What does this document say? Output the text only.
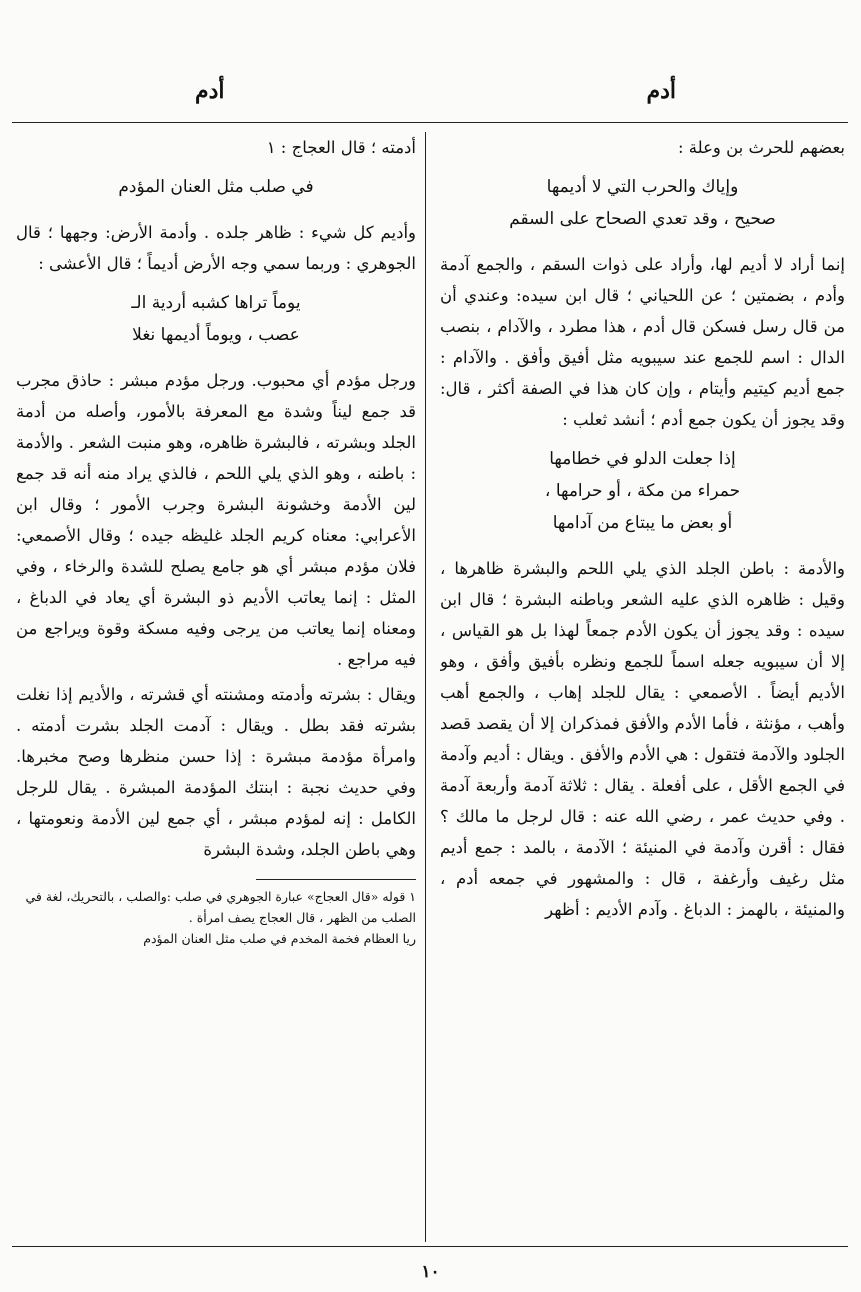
أدم
أدم

بعضهم للحرث بن وعلة :

وإياك والحرب التي لا أديمها
صحيح ، وقد تعدي الصحاح على السقم

إنما أراد لا أديم لها، وأراد على ذوات السقم ، والجمع آدمة وأدم ، بضمتين ؛ عن اللحياني ؛ قال ابن سيده: وعندي أن من قال رسل فسكن قال أدم ، هذا مطرد ، والآدام ، بنصب الدال : اسم للجمع عند سيبويه مثل أفيق وأفق . والآدام : جمع أديم كيتيم وأيتام ، وإن كان هذا في الصفة أكثر ، قال: وقد يجوز أن يكون جمع أدم ؛ أنشد ثعلب :

إذا جعلت الدلو في خطامها
حمراء من مكة ، أو حرامها ،
أو بعض ما يبتاع من آدامها

والأدمة : باطن الجلد الذي يلي اللحم والبشرة ظاهرها ، وقيل : ظاهره الذي عليه الشعر وباطنه البشرة ؛ قال ابن سيده : وقد يجوز أن يكون الأدم جمعاً لهذا بل هو القياس ، إلا أن سيبويه جعله اسماً للجمع ونظره بأفيق وأفق ، وهو الأديم أيضاً . الأصمعي : يقال للجلد إهاب ، والجمع أهب وأهب ، مؤنثة ، فأما الأدم والأفق فمذكران إلا أن يقصد قصد الجلود والآدمة فتقول : هي الأدم والأفق . ويقال : أديم وآدمة في الجمع الأقل ، على أفعلة . يقال : ثلاثة آدمة وأربعة آدمة . وفي حديث عمر ، رضي الله عنه : قال لرجل ما مالك ؟ فقال : أقرن وآدمة في المنيئة ؛ الآدمة ، بالمد : جمع أديم مثل رغيف وأرغفة ، قال : والمشهور في جمعه أدم ، والمنيئة ، بالهمز : الدباغ . وآدم الأديم : أظهر

أدمته ؛ قال العجاج : ١

في صلب مثل العنان المؤدم

وأديم كل شيء : ظاهر جلده . وأدمة الأرض: وجهها ؛ قال الجوهري : وربما سمي وجه الأرض أديماً ؛ قال الأعشى :

يوماً تراها كشبه أردية الـ
عصب ، ويوماً أديمها نغلا

ورجل مؤدم أي محبوب. ورجل مؤدم مبشر : حاذق مجرب قد جمع ليناً وشدة مع المعرفة بالأمور، وأصله من أدمة الجلد وبشرته ، فالبشرة ظاهره، وهو منبت الشعر . والأدمة : باطنه ، وهو الذي يلي اللحم ، فالذي يراد منه أنه قد جمع لين الأدمة وخشونة البشرة وجرب الأمور ؛ وقال ابن الأعرابي: معناه كريم الجلد غليظه جيده ؛ وقال الأصمعي: فلان مؤدم مبشر أي هو جامع يصلح للشدة والرخاء ، وفي المثل : إنما يعاتب الأديم ذو البشرة أي يعاد في الدباغ ، ومعناه إنما يعاتب من يرجى وفيه مسكة وقوة ويراجع من فيه مراجع .

ويقال : بشرته وأدمته ومشنته أي قشرته ، والأديم إذا نغلت بشرته فقد بطل . ويقال : آدمت الجلد بشرت أدمته . وامرأة مؤدمة مبشرة : إذا حسن منظرها وصح مخبرها. وفي حديث نجبة : ابنتك المؤدمة المبشرة . يقال للرجل الكامل : إنه لمؤدم مبشر ، أي جمع لين الأدمة ونعومتها ، وهي باطن الجلد، وشدة البشرة

١ قوله «قال العجاج» عبارة الجوهري في صلب :والصلب ، بالتحريك، لغة في الصلب من الظهر ، قال العجاج يصف امرأة .
ريا العظام فخمة المخدم في صلب مثل العنان المؤدم
١٠
